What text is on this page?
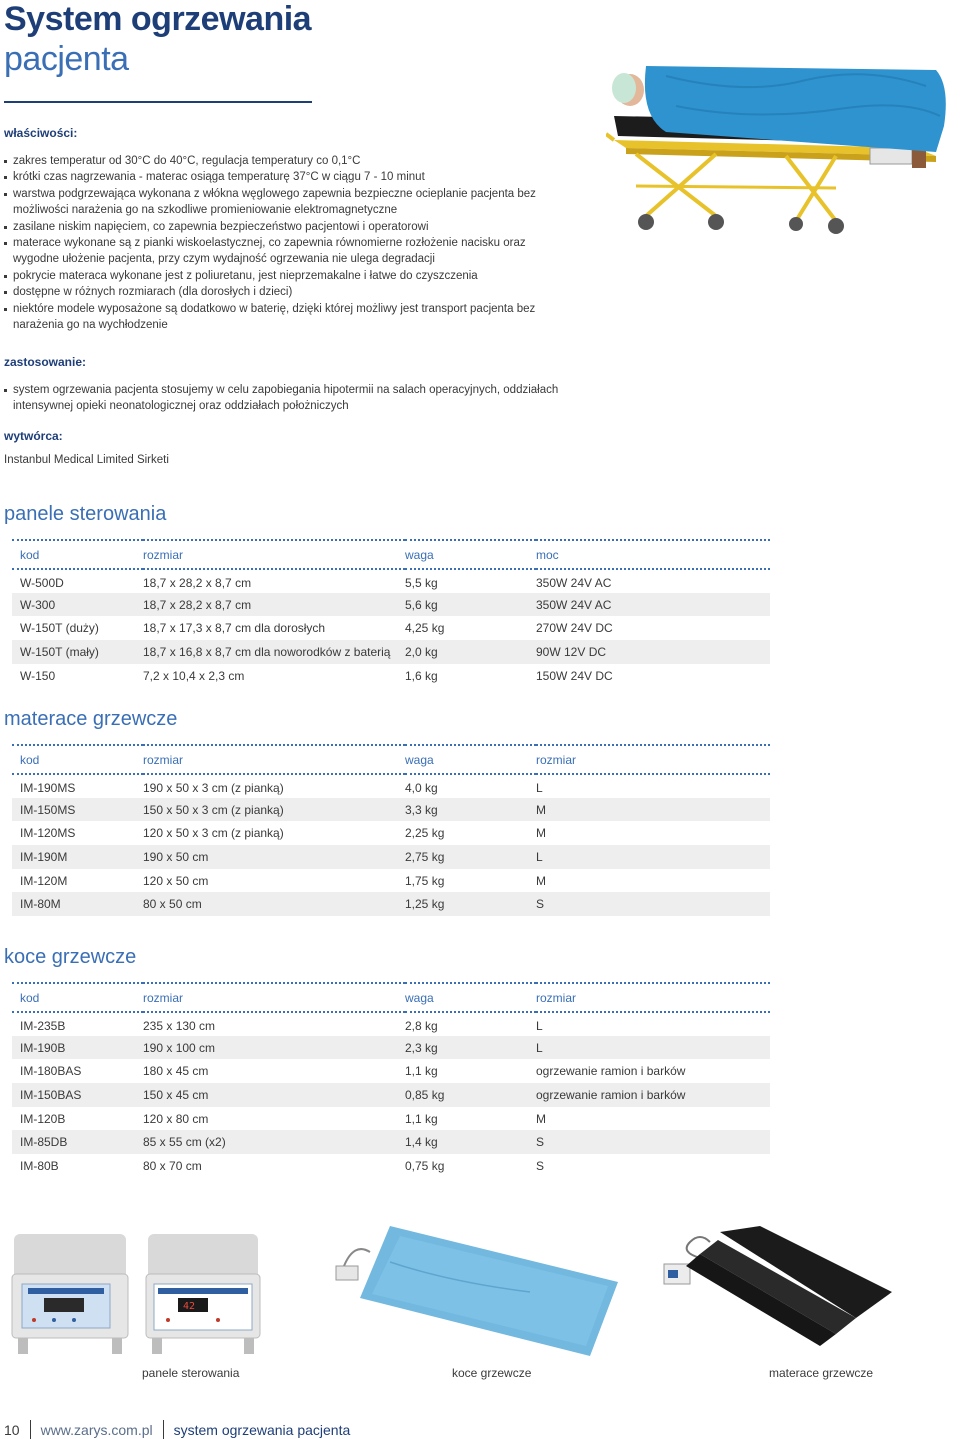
System ogrzewania
pacjenta
właściwości:
zakres temperatur od 30°C do 40°C, regulacja temperatury co 0,1°C
krótki czas nagrzewania - materac osiąga temperaturę 37°C w ciągu 7 - 10 minut
warstwa podgrzewająca wykonana z włókna węglowego zapewnia bezpieczne ocieplanie pacjenta bez możliwości narażenia go na szkodliwe promieniowanie elektromagnetyczne
zasilane niskim napięciem, co zapewnia bezpieczeństwo pacjentowi i operatorowi
materace wykonane są z pianki wiskoelastycznej, co zapewnia równomierne rozłożenie nacisku oraz wygodne ułożenie pacjenta, przy czym wydajność ogrzewania nie ulega degradacji
pokrycie materaca wykonane jest z poliuretanu, jest nieprzemakalne i łatwe do czyszczenia
dostępne w różnych rozmiarach (dla dorosłych i dzieci)
niektóre modele wyposażone są dodatkowo w baterię, dzięki której możliwy jest transport pacjenta bez narażenia go na wychłodzenie
zastosowanie:
system ogrzewania pacjenta stosujemy w celu zapobiegania hipotermii na salach operacyjnych, oddziałach intensywnej opieki neonatologicznej oraz oddziałach położniczych
wytwórca:
Instanbul Medical Limited Sirketi
panele sterowania
kod	rozmiar	waga	moc
W-500D	18,7 x 28,2 x 8,7 cm	5,5 kg	350W 24V AC
W-300	18,7 x 28,2 x 8,7 cm	5,6 kg	350W 24V AC
W-150T (duży)	18,7 x 17,3 x 8,7 cm dla dorosłych	4,25 kg	270W 24V DC
W-150T (mały)	18,7 x 16,8 x 8,7 cm dla noworodków z baterią	2,0 kg	90W 12V DC
W-150	7,2 x 10,4 x 2,3 cm	1,6 kg	150W 24V DC
materace grzewcze
kod	rozmiar	waga	rozmiar
IM-190MS	190 x 50 x 3 cm (z pianką)	4,0 kg	L
IM-150MS	150 x 50 x 3 cm (z pianką)	3,3 kg	M
IM-120MS	120 x 50 x 3 cm (z pianką)	2,25 kg	M
IM-190M	190 x 50 cm	2,75 kg	L
IM-120M	120 x 50 cm	1,75 kg	M
IM-80M	80 x 50 cm	1,25 kg	S
koce grzewcze
kod	rozmiar	waga	rozmiar
IM-235B	235 x 130 cm	2,8 kg	L
IM-190B	190 x 100 cm	2,3 kg	L
IM-180BAS	180 x 45 cm	1,1 kg	ogrzewanie ramion i barków
IM-150BAS	150 x 45 cm	0,85 kg	ogrzewanie ramion i barków
IM-120B	120 x 80 cm	1,1 kg	M
IM-85DB	85 x 55 cm (x2)	1,4 kg	S
IM-80B	80 x 70 cm	0,75 kg	S
42
panele sterowania	koce grzewcze	materace grzewcze
10 www.zarys.com.pl system ogrzewania pacjenta
